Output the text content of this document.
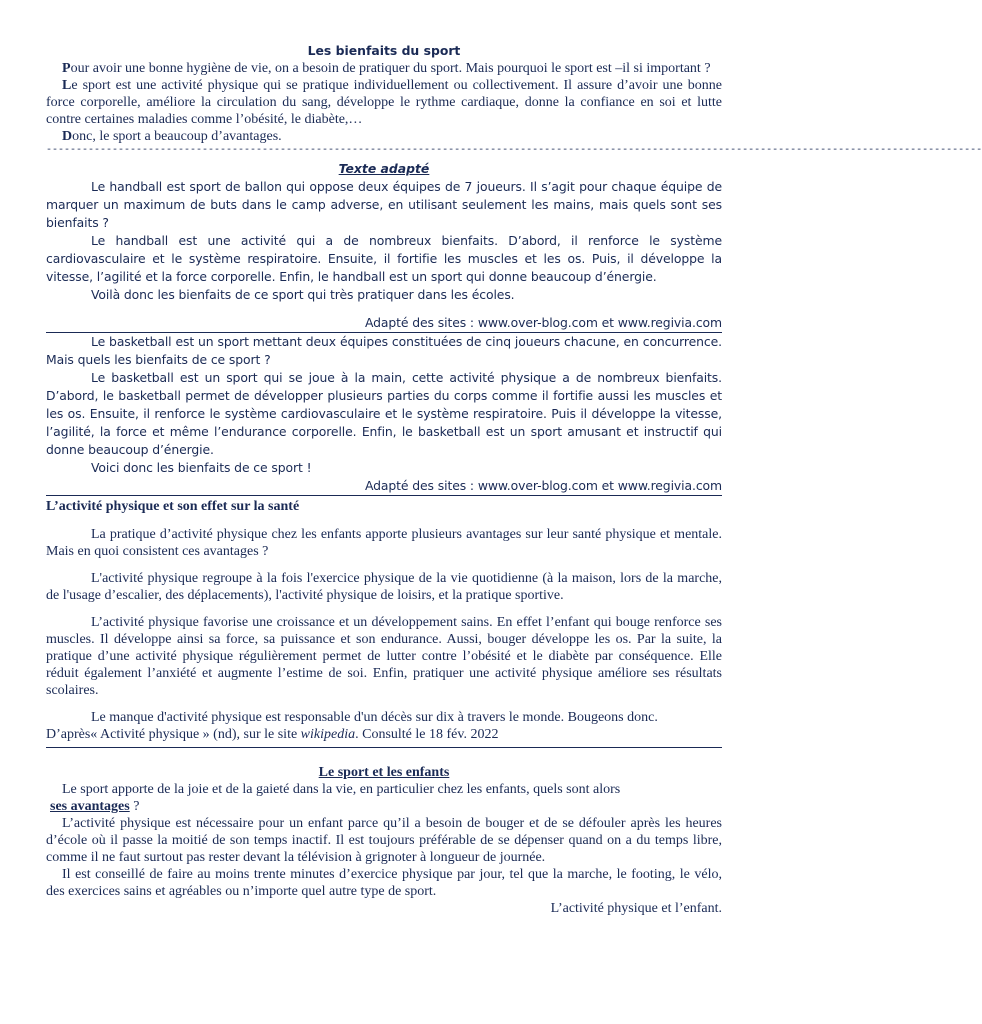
Les bienfaits du sport

Pour avoir une bonne hygiène de vie, on a besoin de pratiquer du sport. Mais pourquoi le sport est –il si important ?

Le sport est une activité physique qui se pratique individuellement ou collectivement. Il assure d’avoir une bonne force corporelle, améliore la circulation du sang, développe le rythme cardiaque, donne la confiance en soi et lutte contre certaines maladies comme l’obésité, le diabète,…

Donc, le sport a beaucoup d’avantages.

------------------------------------------------------------------------------------------------------------------------------------------------------------
Texte adapté

Le handball est sport de ballon qui oppose deux équipes de 7 joueurs. Il s’agit pour chaque équipe de marquer un maximum de buts dans le camp adverse, en utilisant seulement les mains, mais quels sont ses bienfaits ?

Le handball est une activité qui a de nombreux bienfaits. D’abord, il renforce le système cardiovasculaire et le système respiratoire. Ensuite, il fortifie les muscles et les os. Puis, il développe la vitesse, l’agilité et la force corporelle. Enfin, le handball est un sport qui donne beaucoup d’énergie.

Voilà donc les bienfaits de ce sport qui très pratiquer dans les écoles.

Adapté des sites : www.over-blog.com et www.regivia.com

Le basketball est un sport mettant deux équipes constituées de cinq joueurs chacune, en concurrence. Mais quels les bienfaits de ce sport ?

Le basketball est un sport qui se joue à la main, cette activité physique a de nombreux bienfaits. D’abord, le basketball permet de développer plusieurs parties du corps comme il fortifie aussi les muscles et les os. Ensuite, il renforce le système cardiovasculaire et le système respiratoire. Puis il développe la vitesse, l’agilité, la force et même l’endurance corporelle. Enfin, le basketball est un sport amusant et instructif qui donne beaucoup d’énergie.

Voici donc les bienfaits de ce sport !

Adapté des sites : www.over-blog.com et www.regivia.com

L’activité physique et son effet sur la santé

La pratique d’activité physique chez les enfants apporte plusieurs avantages sur leur santé physique et mentale. Mais en quoi consistent ces avantages ?

L'activité physique regroupe à la fois l'exercice physique de la vie quotidienne (à la maison, lors de la marche, de l'usage d’escalier, des déplacements), l'activité physique de loisirs, et la pratique sportive.

L’activité physique favorise une croissance et un développement sains. En effet l’enfant qui bouge renforce ses muscles. Il développe ainsi sa force, sa puissance et son endurance. Aussi, bouger développe les os. Par la suite, la pratique d’une activité physique régulièrement permet de lutter contre l’obésité et le diabète par conséquence. Elle réduit également l’anxiété et augmente l’estime de soi. Enfin, pratiquer une activité physique améliore ses résultats scolaires.

Le manque d'activité physique est responsable d'un décès sur dix à travers le monde. Bougeons donc.

D’après« Activité physique » (nd), sur le site wikipedia. Consulté le 18 fév. 2022

Le sport et les enfants

Le sport apporte de la joie et de la gaieté dans la vie, en particulier chez les enfants, quels sont alors
ses avantages ?

L’activité physique est nécessaire pour un enfant parce qu’il a besoin de bouger et de se défouler après les heures d’école où il passe la moitié de son temps inactif. Il est toujours préférable de se dépenser quand on a du temps libre, comme il ne faut surtout pas rester devant la télévision à grignoter à longueur de journée.

Il est conseillé de faire au moins trente minutes d’exercice physique par jour, tel que la marche, le footing, le vélo, des exercices sains et agréables ou n’importe quel autre type de sport.

L’activité physique et l’enfant.
